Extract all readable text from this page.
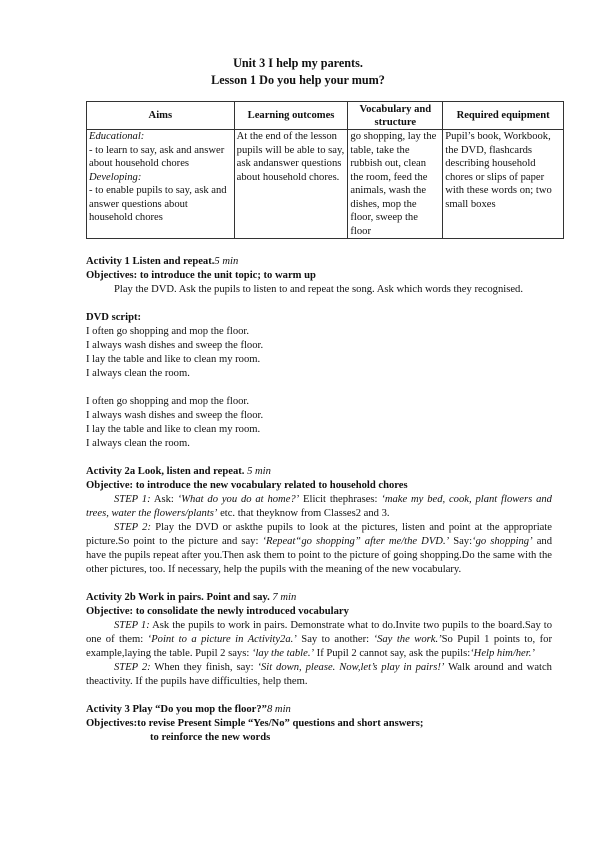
Unit 3 I help my parents.
Lesson 1 Do you help your mum?
Aims	Learning outcomes	Vocabulary and structure	Required equipment

Educational:
- to learn to say, ask and answer about household chores
Developing:
- to enable pupils to say, ask and answer questions about household chores	At the end of the lesson pupils will be able to say, ask andanswer questions about household chores.	go shopping, lay the table, take the rubbish out, clean the room, feed the animals, wash the dishes, mop the floor, sweep the floor	Pupil’s book, Workbook, the DVD, flashcards describing household chores or slips of paper with these words on; two small boxes

Activity 1 Listen and repeat.5 min

Objectives: to introduce the unit topic; to warm up

Play the DVD. Ask the pupils to listen to and repeat the song. Ask which words they recognised.

DVD script:

I often go shopping and mop the floor.

I always wash dishes and sweep the floor.

I lay the table and like to clean my room.

I always clean the room.

I often go shopping and mop the floor.

I always wash dishes and sweep the floor.

I lay the table and like to clean my room.

I always clean the room.

Activity 2a Look, listen and repeat. 5 min

Objective: to introduce the new vocabulary related to household chores

STEP 1: Ask: ‘What do you do at home?’ Elicit thephrases: ‘make my bed, cook, plant flowers and trees, water the flowers/plants’ etc. that theyknow from Classes2 and 3.

STEP 2: Play the DVD or askthe pupils to look at the pictures, listen and point at the appropriate picture.So point to the picture and say: ‘Repeat“go shopping” after me/the DVD.’ Say:‘go shopping’ and have the pupils repeat after you.Then ask them to point to the picture of going shopping.Do the same with the other pictures, too. If necessary, help the pupils with the meaning of the new vocabulary.

Activity 2b Work in pairs. Point and say. 7 min

Objective: to consolidate the newly introduced vocabulary

STEP 1: Ask the pupils to work in pairs. Demonstrate what to do.Invite two pupils to the board.Say to one of them: ‘Point to a picture in Activity2a.’ Say to another: ‘Say the work.’So Pupil 1 points to, for example,laying the table. Pupil 2 says: ‘lay the table.’ If Pupil 2 cannot say, ask the pupils:‘Help him/her.’

STEP 2: When they finish, say: ‘Sit down, please. Now,let’s play in pairs!’ Walk around and watch theactivity. If the pupils have difficulties, help them.

Activity 3 Play “Do you mop the floor?”8 min

Objectives:to revise Present Simple “Yes/No” questions and short answers;

to reinforce the new words
